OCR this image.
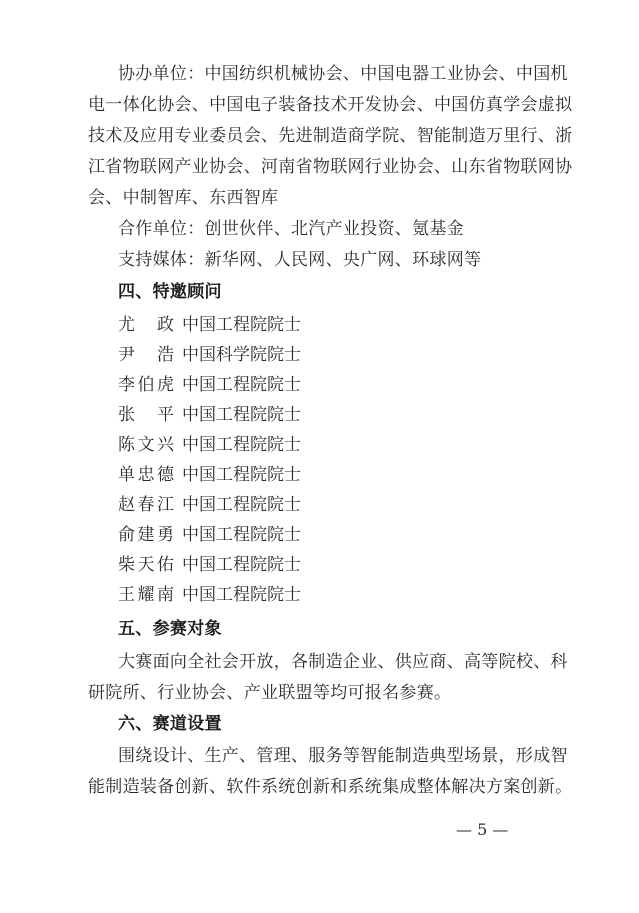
协办单位：中国纺织机械协会、中国电器工业协会、中国机
电一体化协会、中国电子装备技术开发协会、中国仿真学会虚拟
技术及应用专业委员会、先进制造商学院、智能制造万里行、浙
江省物联网产业协会、河南省物联网行业协会、山东省物联网协
会、中制智库、东西智库
合作单位：创世伙伴、北汽产业投资、氪基金
支持媒体：新华网、人民网、央广网、环球网等
四、特邀顾问
尤 政 中国工程院院士
尹 浩 中国科学院院士
李伯虎 中国工程院院士
张 平 中国工程院院士
陈文兴 中国工程院院士
单忠德 中国工程院院士
赵春江 中国工程院院士
俞建勇 中国工程院院士
柴天佑 中国工程院院士
王耀南 中国工程院院士
五、参赛对象
大赛面向全社会开放，各制造企业、供应商、高等院校、科
研院所、行业协会、产业联盟等均可报名参赛。
六、赛道设置
围绕设计、生产、管理、服务等智能制造典型场景，形成智
能制造装备创新、软件系统创新和系统集成整体解决方案创新。
— 5 —
